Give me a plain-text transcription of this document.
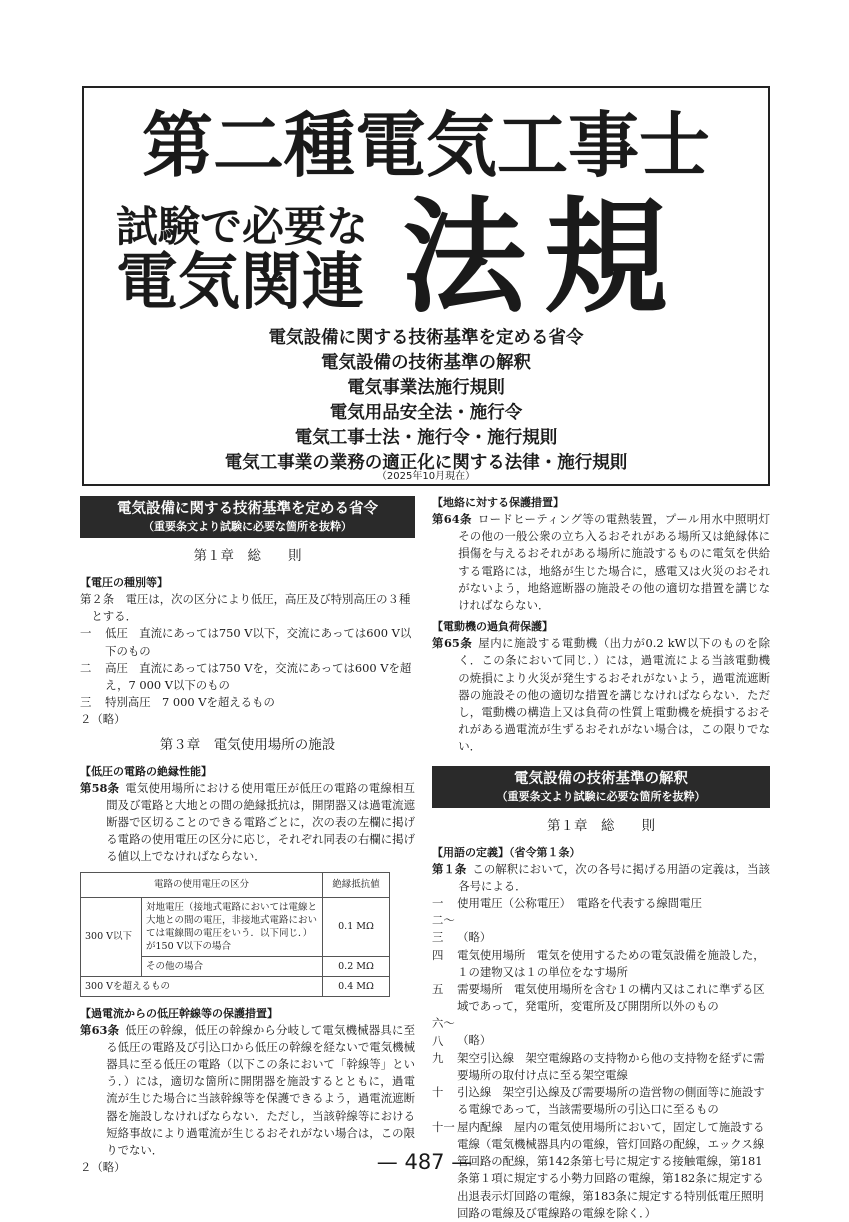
第二種電気工事士
試験で必要な
電気関連 法規
電気設備に関する技術基準を定める省令
電気設備の技術基準の解釈
電気事業法施行規則
電気用品安全法・施行令
電気工事士法・施行令・施行規則
電気工事業の業務の適正化に関する法律・施行規則
（2025年10月現在）
電気設備に関する技術基準を定める省令
（重要条文より試験に必要な箇所を抜粋）
第１章　総　　則
【電圧の種別等】
第２条　電圧は，次の区分により低圧，高圧及び特別高圧の３種とする．
一 低圧　直流にあっては750 V以下，交流にあっては600 V以下のもの
二 高圧　直流にあっては750 Vを，交流にあっては600 Vを超え，7 000 V以下のもの
三 特別高圧　7 000 Vを超えるもの
２（略）
第３章　電気使用場所の施設
【低圧の電路の絶縁性能】
第58条 電気使用場所における使用電圧が低圧の電路の電線相互間及び電路と大地との間の絶縁抵抗は，開閉器又は過電流遮断器で区切ることのできる電路ごとに，次の表の左欄に掲げる電路の使用電圧の区分に応じ，それぞれ同表の右欄に掲げる値以上でなければならない．
電路の使用電圧の区分		絶縁抵抗値
300 V以下	対地電圧（接地式電路においては電線と大地との間の電圧，非接地式電路においては電線間の電圧をいう．以下同じ．）が150 V以下の場合	0.1 MΩ
	その他の場合	0.2 MΩ
300 Vを超えるもの		0.4 MΩ
【過電流からの低圧幹線等の保護措置】
第63条 低圧の幹線，低圧の幹線から分岐して電気機械器具に至る低圧の電路及び引込口から低圧の幹線を経ないで電気機械器具に至る低圧の電路（以下この条において「幹線等」という．）には，適切な箇所に開閉器を施設するとともに，過電流が生じた場合に当該幹線等を保護できるよう，過電流遮断器を施設しなければならない．ただし，当該幹線等における短絡事故により過電流が生じるおそれがない場合は，この限りでない．
２（略）
【地絡に対する保護措置】
第64条 ロードヒーティング等の電熱装置，プール用水中照明灯その他の一般公衆の立ち入るおそれがある場所又は絶縁体に損傷を与えるおそれがある場所に施設するものに電気を供給する電路には，地絡が生じた場合に，感電又は火災のおそれがないよう，地絡遮断器の施設その他の適切な措置を講じなければならない．
【電動機の過負荷保護】
第65条 屋内に施設する電動機（出力が0.2 kW以下のものを除く．この条において同じ．）には，過電流による当該電動機の焼損により火災が発生するおそれがないよう，過電流遮断器の施設その他の適切な措置を講じなければならない．ただし，電動機の構造上又は負荷の性質上電動機を焼損するおそれがある過電流が生ずるおそれがない場合は，この限りでない．
電気設備の技術基準の解釈
（重要条文より試験に必要な箇所を抜粋）
第１章　総　　則
【用語の定義】（省令第１条）
第１条 この解釈において，次の各号に掲げる用語の定義は，当該各号による．
一 使用電圧（公称電圧）　電路を代表する線間電圧
二～三 （略）
四 電気使用場所　電気を使用するための電気設備を施設した，１の建物又は１の単位をなす場所
五 需要場所　電気使用場所を含む１の構内又はこれに準ずる区域であって，発電所，変電所及び開閉所以外のもの
六～八 （略）
九 架空引込線　架空電線路の支持物から他の支持物を経ずに需要場所の取付け点に至る架空電線
十 引込線　架空引込線及び需要場所の造営物の側面等に施設する電線であって，当該需要場所の引込口に至るもの
十一 屋内配線　屋内の電気使用場所において，固定して施設する電線（電気機械器具内の電線，管灯回路の配線，エックス線管回路の配線，第142条第七号に規定する接触電線，第181条第１項に規定する小勢力回路の電線，第182条に規定する出退表示灯回路の電線，第183条に規定する特別低電圧照明回路の電線及び電線路の電線を除く．）
— 487 —
